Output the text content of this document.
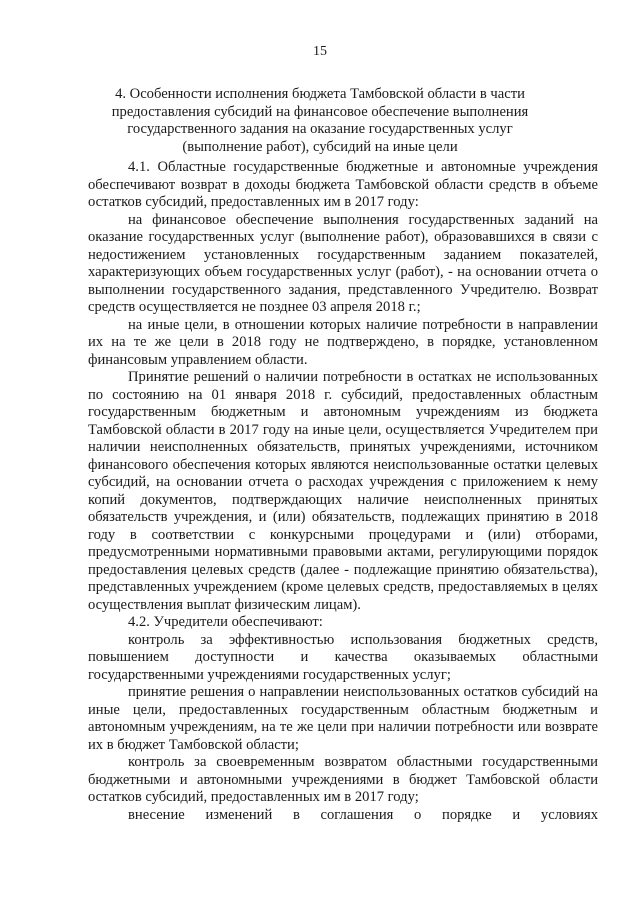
15
4. Особенности исполнения бюджета Тамбовской области в части
предоставления субсидий на финансовое обеспечение выполнения
государственного задания на оказание государственных услуг
(выполнение работ), субсидий на иные цели

4.1. Областные государственные бюджетные и автономные учреждения обеспечивают возврат в доходы бюджета Тамбовской области средств в объеме остатков субсидий, предоставленных им в 2017 году:

на финансовое обеспечение выполнения государственных заданий на оказание государственных услуг (выполнение работ), образовавшихся в связи с недостижением установленных государственным заданием показателей, характеризующих объем государственных услуг (работ), - на основании отчета о выполнении государственного задания, представленного Учредителю. Возврат средств осуществляется не позднее 03 апреля 2018 г.;

на иные цели, в отношении которых наличие потребности в направлении их на те же цели в 2018 году не подтверждено, в порядке, установленном финансовым управлением области.

Принятие решений о наличии потребности в остатках не использованных по состоянию на 01 января 2018 г. субсидий, предоставленных областным государственным бюджетным и автономным учреждениям из бюджета Тамбовской области в 2017 году на иные цели, осуществляется Учредителем при наличии неисполненных обязательств, принятых учреждениями, источником финансового обеспечения которых являются неиспользованные остатки целевых субсидий, на основании отчета о расходах учреждения с приложением к нему копий документов, подтверждающих наличие неисполненных принятых обязательств учреждения, и (или) обязательств, подлежащих принятию в 2018 году в соответствии с конкурсными процедурами и (или) отборами, предусмотренными нормативными правовыми актами, регулирующими порядок предоставления целевых средств (далее - подлежащие принятию обязательства), представленных учреждением (кроме целевых средств, предоставляемых в целях осуществления выплат физическим лицам).

4.2. Учредители обеспечивают:

контроль за эффективностью использования бюджетных средств, повышением доступности и качества оказываемых областными государственными учреждениями государственных услуг;

принятие решения о направлении неиспользованных остатков субсидий на иные цели, предоставленных государственным областным бюджетным и автономным учреждениям, на те же цели при наличии потребности или возврате их в бюджет Тамбовской области;

контроль за своевременным возвратом областными государственными бюджетными и автономными учреждениями в бюджет Тамбовской области остатков субсидий, предоставленных им в 2017 году;

внесение изменений в соглашения о порядке и условиях
